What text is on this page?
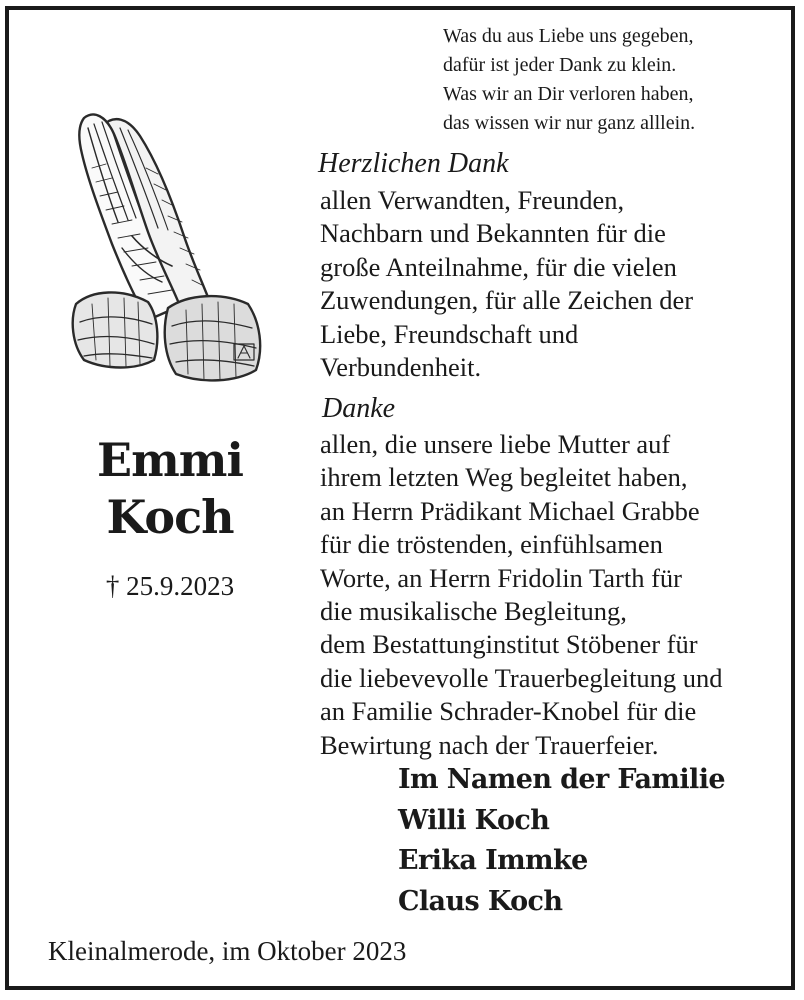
Was du aus Liebe uns gegeben,
dafür ist jeder Dank zu klein.
Was wir an Dir verloren haben,
das wissen wir nur ganz alllein.
Emmi
Koch
† 25.9.2023
Herzlichen Dank
allen Verwandten, Freunden,
Nachbarn und Bekannten für die
große Anteilnahme, für die vielen
Zuwendungen, für alle Zeichen der
Liebe, Freundschaft und
Verbundenheit.
Danke
allen, die unsere liebe Mutter auf
ihrem letzten Weg begleitet haben,
an Herrn Prädikant Michael Grabbe
für die tröstenden, einfühlsamen
Worte, an Herrn Fridolin Tarth für
die musikalische Begleitung,
dem Bestattunginstitut Stöbener für
die liebevevolle Trauerbegleitung und
an Familie Schrader-Knobel für die
Bewirtung nach der Trauerfeier.
Im Namen der Familie
Willi Koch
Erika Immke
Claus Koch
Kleinalmerode, im Oktober 2023
